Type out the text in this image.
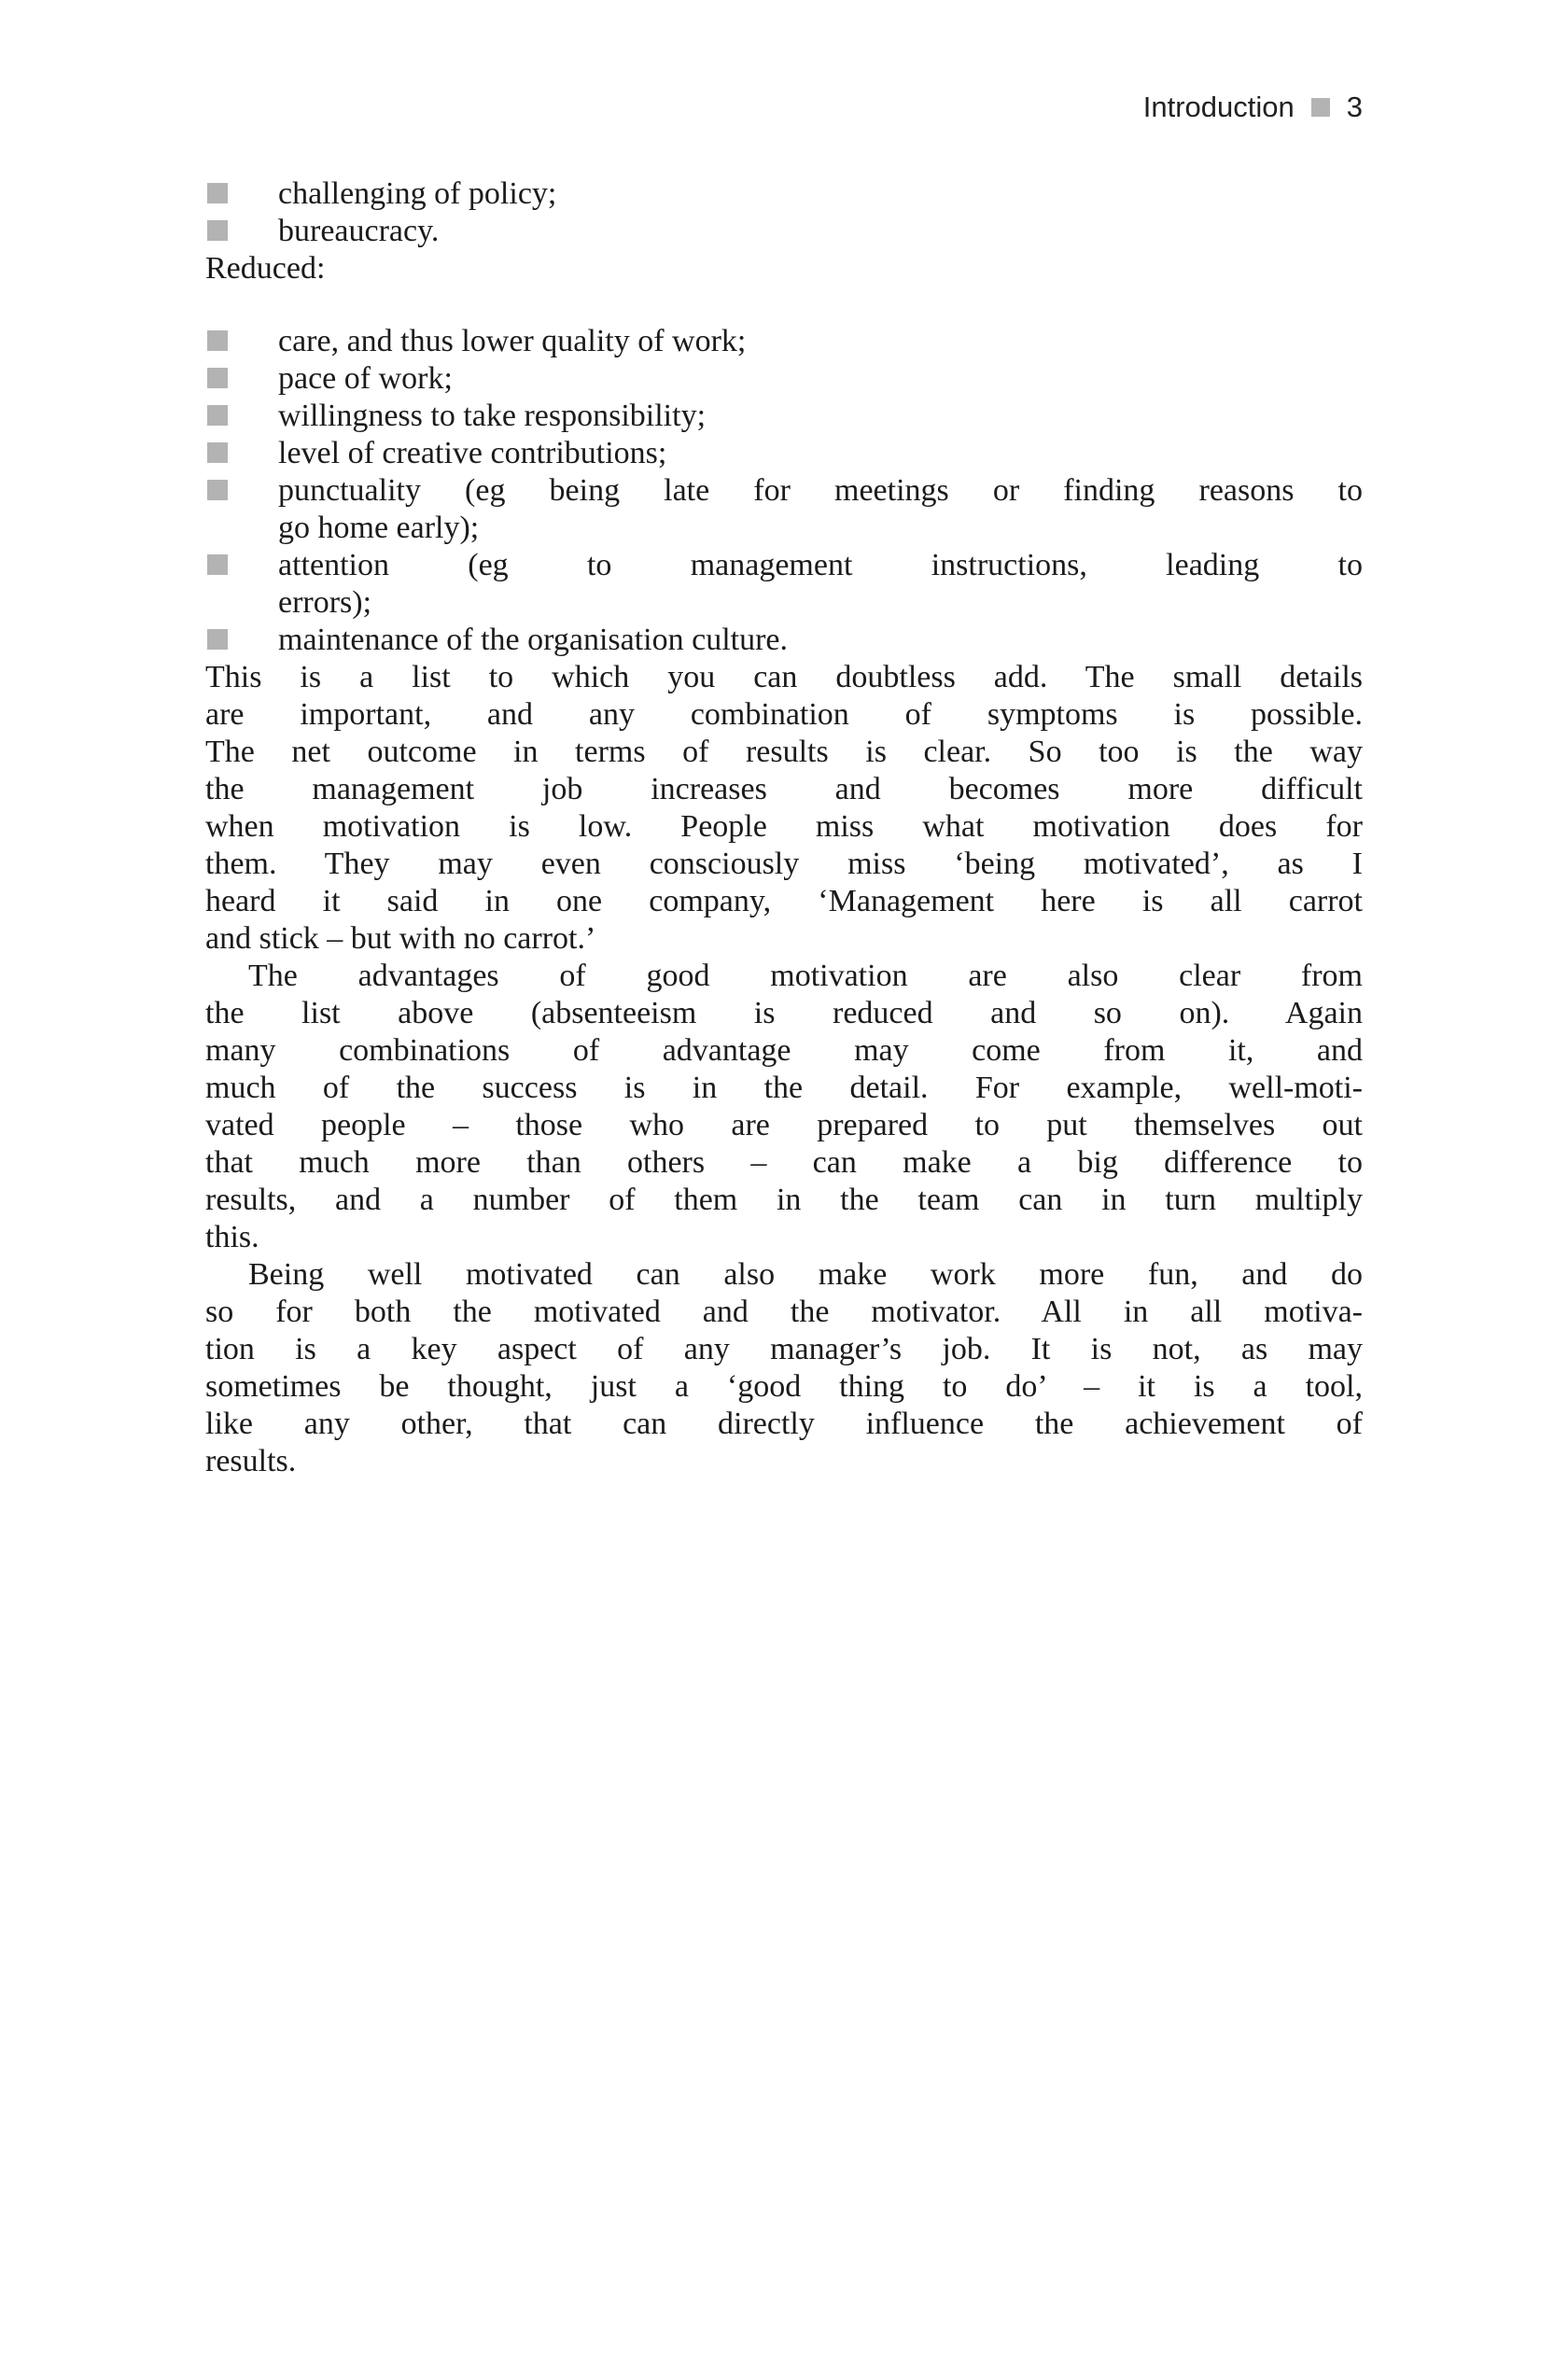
Introduction 3
challenging of policy;
bureaucracy.

Reduced:

care, and thus lower quality of work;
pace of work;
willingness to take responsibility;
level of creative contributions;
punctuality (eg being late for meetings or finding reasons to
go home early);
attention (eg to management instructions, leading to
errors);
maintenance of the organisation culture.
This is a list to which you can doubtless add. The small details
are important, and any combination of symptoms is possible.
The net outcome in terms of results is clear. So too is the way
the management job increases and becomes more difficult
when motivation is low. People miss what motivation does for
them. They may even consciously miss ‘being motivated’, as I
heard it said in one company, ‘Management here is all carrot
and stick – but with no carrot.’
The advantages of good motivation are also clear from
the list above (absenteeism is reduced and so on). Again
many combinations of advantage may come from it, and
much of the success is in the detail. For example, well-moti-
vated people – those who are prepared to put themselves out
that much more than others – can make a big difference to
results, and a number of them in the team can in turn multiply
this.
Being well motivated can also make work more fun, and do
so for both the motivated and the motivator. All in all motiva-
tion is a key aspect of any manager’s job. It is not, as may
sometimes be thought, just a ‘good thing to do’ – it is a tool,
like any other, that can directly influence the achievement of
results.
